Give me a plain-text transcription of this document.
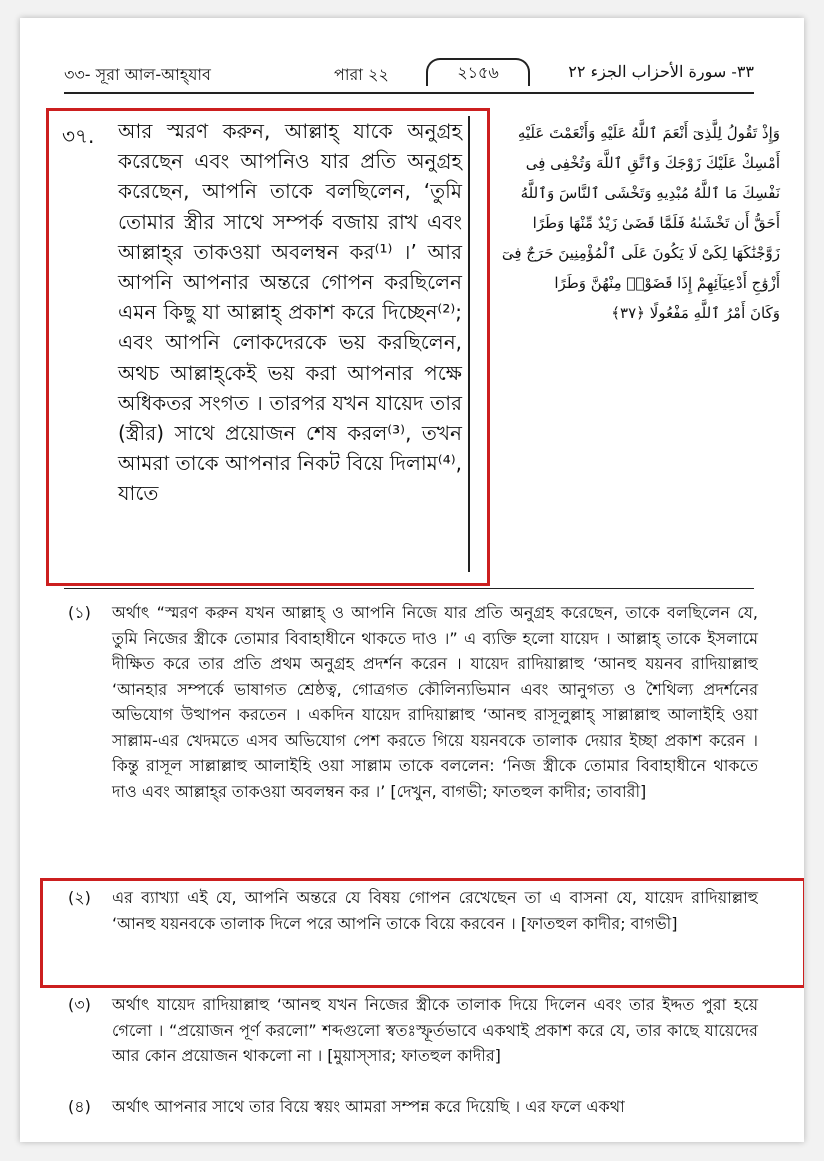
৩৩- সূরা আল-আহ্‌যাব	পারা ২২	২১৫৬	٣٣- سورة الأحزاب الجزء ٢٢
৩৭. আর স্মরণ করুন, আল্লাহ্‌ যাকে অনুগ্রহ করেছেন এবং আপনিও যার প্রতি অনুগ্রহ করেছেন, আপনি তাকে বলছিলেন, ‘তুমি তোমার স্ত্রীর সাথে সম্পর্ক বজায় রাখ এবং আল্লাহ্‌র তাকওয়া অবলম্বন কর⁽¹⁾ ।’ আর আপনি আপনার অন্তরে গোপন করছিলেন এমন কিছু যা আল্লাহ্‌ প্রকাশ করে দিচ্ছেন⁽²⁾; এবং আপনি লোকদেরকে ভয় করছিলেন, অথচ আল্লাহ্‌কেই ভয় করা আপনার পক্ষে অধিকতর সংগত । তারপর যখন যায়েদ তার (স্ত্রীর) সাথে প্রয়োজন শেষ করল⁽³⁾, তখন আমরা তাকে আপনার নিকট বিয়ে দিলাম⁽⁴⁾, যাতে
وَإِذْ تَقُولُ لِلَّذِىٓ أَنْعَمَ ٱللَّهُ عَلَيْهِ وَأَنْعَمْتَ عَلَيْهِ
أَمْسِكْ عَلَيْكَ زَوْجَكَ وَٱتَّقِ ٱللَّهَ وَتُخْفِى فِى
نَفْسِكَ مَا ٱللَّهُ مُبْدِيهِ وَتَخْشَى ٱلنَّاسَ وَٱللَّهُ
أَحَقُّ أَن تَخْشَىٰهُ فَلَمَّا قَضَىٰ زَيْدٌ مِّنْهَا وَطَرًا
زَوَّجْنَٰكَهَا لِكَىْ لَا يَكُونَ عَلَى ٱلْمُؤْمِنِينَ حَرَجٌ فِىٓ
أَزْوَٰجِ أَدْعِيَآئِهِمْ إِذَا قَضَوْا۟ مِنْهُنَّ وَطَرًا
وَكَانَ أَمْرُ ٱللَّهِ مَفْعُولًا ﴿٣٧﴾
(১) অর্থাৎ “স্মরণ করুন যখন আল্লাহ্‌ ও আপনি নিজে যার প্রতি অনুগ্রহ করেছেন, তাকে বলছিলেন যে, তুমি নিজের স্ত্রীকে তোমার বিবাহাধীনে থাকতে দাও ।” এ ব্যক্তি হলো যায়েদ । আল্লাহ্‌ তাকে ইসলামে দীক্ষিত করে তার প্রতি প্রথম অনুগ্রহ প্রদর্শন করেন । যায়েদ রাদিয়াল্লাহু ‘আনহু যয়নব রাদিয়াল্লাহু ‘আনহার সম্পর্কে ভাষাগত শ্রেষ্ঠত্ব, গোত্রগত কৌলিন্যভিমান এবং আনুগত্য ও শৈথিল্য প্রদর্শনের অভিযোগ উত্থাপন করতেন । একদিন যায়েদ রাদিয়াল্লাহু ‘আনহু রাসূলুল্লাহ্‌ সাল্লাল্লাহু আলাইহি ওয়া সাল্লাম-এর খেদমতে এসব অভিযোগ পেশ করতে গিয়ে যয়নবকে তালাক দেয়ার ইচ্ছা প্রকাশ করেন । কিন্তু রাসূল সাল্লাল্লাহু আলাইহি ওয়া সাল্লাম তাকে বললেন: ‘নিজ স্ত্রীকে তোমার বিবাহাধীনে থাকতে দাও এবং আল্লাহ্‌র তাকওয়া অবলম্বন কর ।’ [দেখুন, বাগভী; ফাতহুল কাদীর; তাবারী]
(২) এর ব্যাখ্যা এই যে, আপনি অন্তরে যে বিষয় গোপন রেখেছেন তা এ বাসনা যে, যায়েদ রাদিয়াল্লাহু ‘আনহু যয়নবকে তালাক দিলে পরে আপনি তাকে বিয়ে করবেন । [ফাতহুল কাদীর; বাগভী]
(৩) অর্থাৎ যায়েদ রাদিয়াল্লাহু ‘আনহু যখন নিজের স্ত্রীকে তালাক দিয়ে দিলেন এবং তার ইদ্দত পুরা হয়ে গেলো । “প্রয়োজন পূর্ণ করলো” শব্দগুলো স্বতঃস্ফূর্তভাবে একথাই প্রকাশ করে যে, তার কাছে যায়েদের আর কোন প্রয়োজন থাকলো না । [মুয়াস্‌সার; ফাতহুল কাদীর]
(৪) অর্থাৎ আপনার সাথে তার বিয়ে স্বয়ং আমরা সম্পন্ন করে দিয়েছি । এর ফলে একথা
